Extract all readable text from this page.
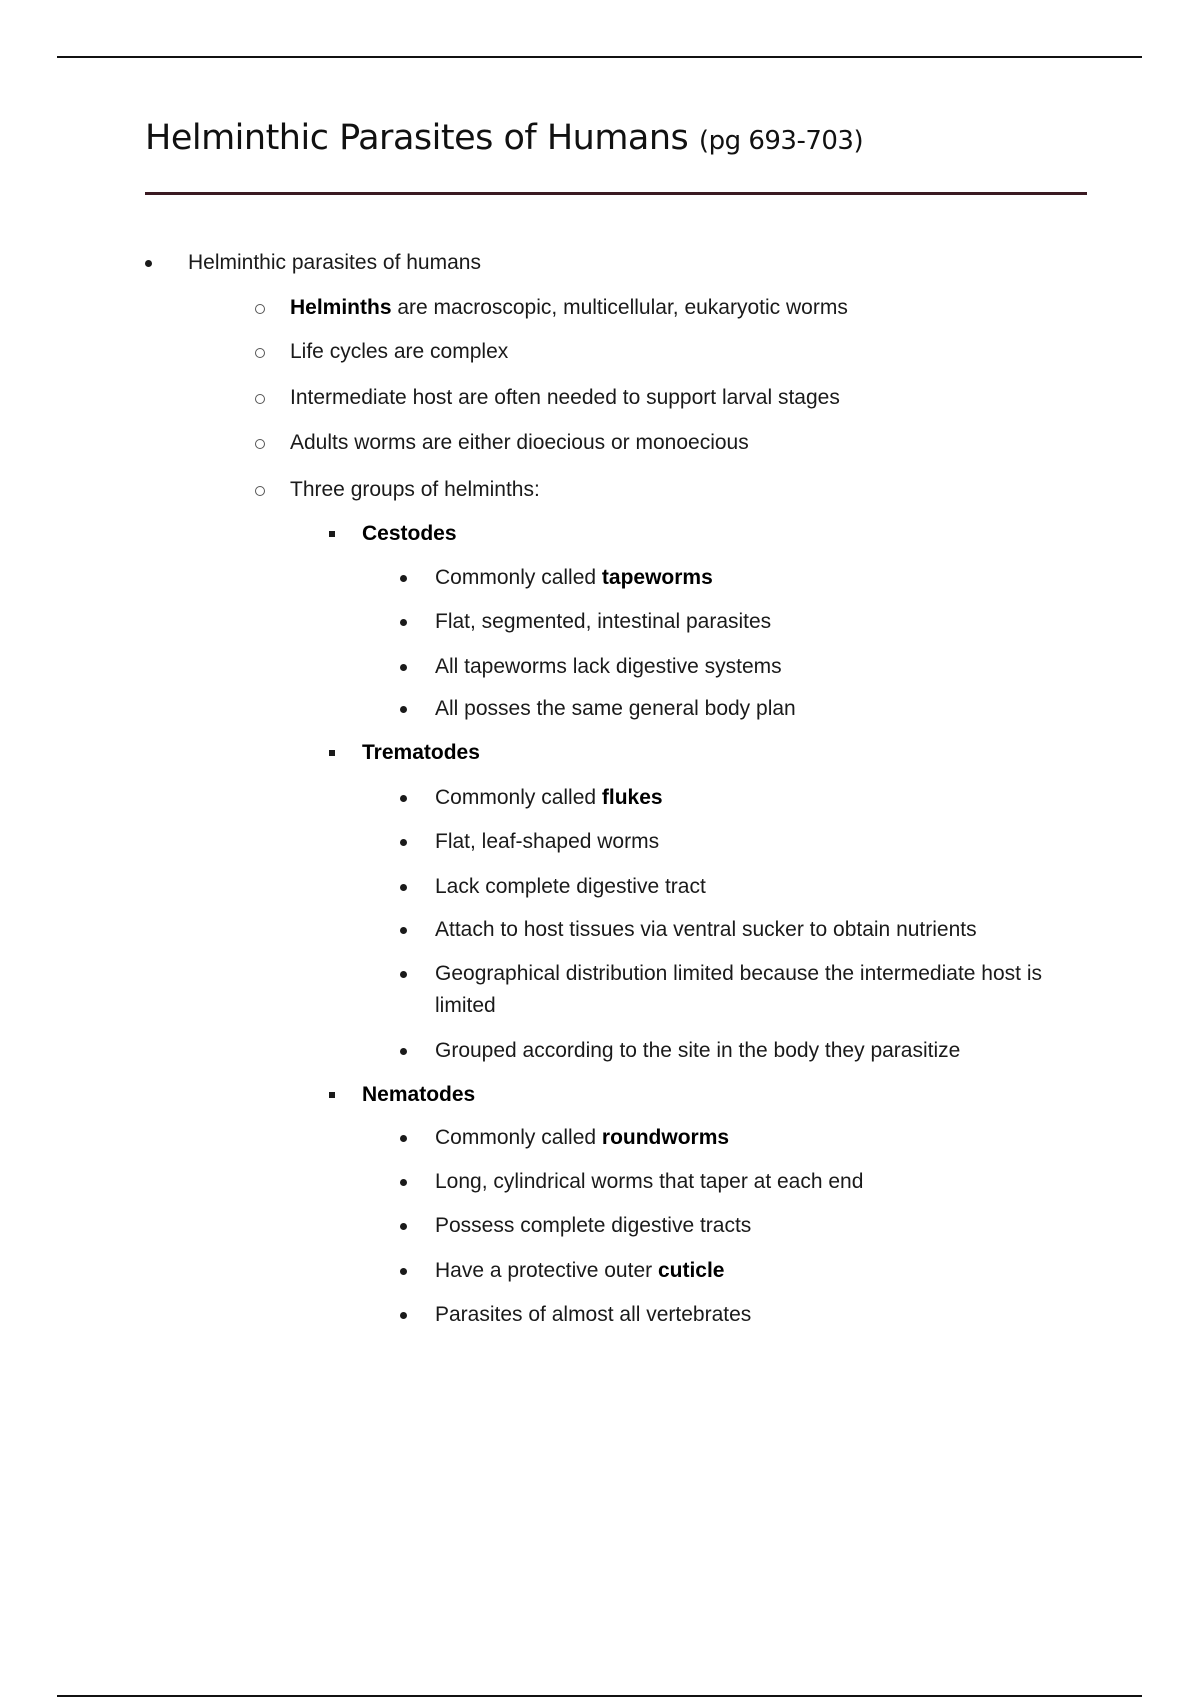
Helminthic Parasites of Humans (pg 693-703)
Helminthic parasites of humans
Helminths are macroscopic, multicellular, eukaryotic worms
Life cycles are complex
Intermediate host are often needed to support larval stages
Adults worms are either dioecious or monoecious
Three groups of helminths:
Cestodes
Commonly called tapeworms
Flat, segmented, intestinal parasites
All tapeworms lack digestive systems
All posses the same general body plan
Trematodes
Commonly called flukes
Flat, leaf-shaped worms
Lack complete digestive tract
Attach to host tissues via ventral sucker to obtain nutrients
Geographical distribution limited because the intermediate host is
limited
Grouped according to the site in the body they parasitize
Nematodes
Commonly called roundworms
Long, cylindrical worms that taper at each end
Possess complete digestive tracts
Have a protective outer cuticle
Parasites of almost all vertebrates
